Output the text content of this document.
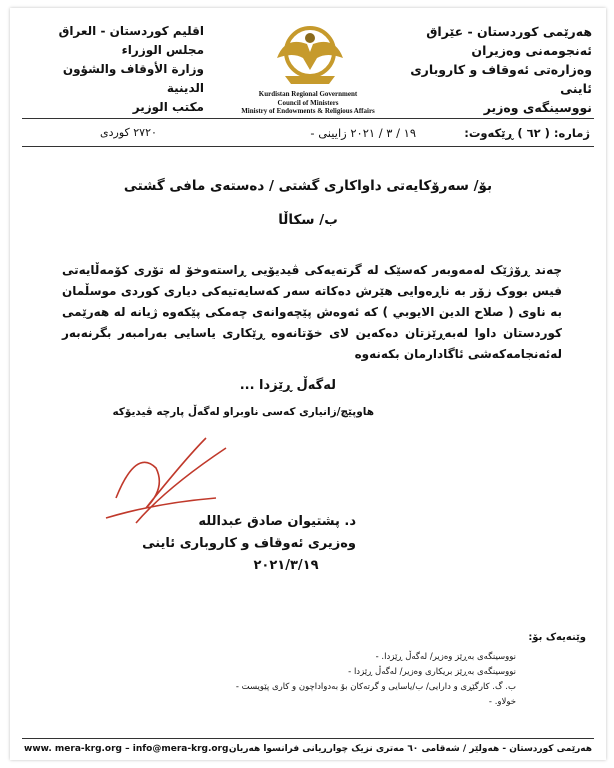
هەرێمی کوردستان - عێراق
ئەنجومەنی وەزیران
وەزارەتی ئەوقاف و کاروباری ئاینی
نووسینگەی وەزیر
اقليم كوردستان - العراق
مجلس الوزراء
وزارة الأوقاف والشؤون الدينية
مكتب الوزير
Kurdistan Regional Government
Council of Ministers
Ministry of Endowments & Religious Affairs
ژمارە: ( ٦٢ ) ڕێکەوت:
١٩ / ٣ / ٢٠٢١ زایینی -
٢٧٢٠ کوردی
بۆ/ سەرۆکایەتی داواکاری گشتی / دەستەی مافی گشتی
ب/ سکاڵا
چەند ڕۆژێک لەمەوبەر کەسێک لە گرتەیەکی ڤیدیۆیی ڕاستەوخۆ لە تۆری کۆمەڵایەتی فیس بووک زۆر بە ناڕەوایی هێرش دەکاتە سەر کەسایەتیەکی دیاری کوردی موسڵمان بە ناوی ( صلاح الدين الايوبي ) کە ئەوەش پێچەوانەی چەمکی پێکەوە ژیانە لە هەرێمی کوردستان داوا لەبەڕێزتان دەکەین لای خۆتانەوە ڕێکاری یاسایی بەرامبەر بگرنەبەر لەئەنجامەکەشی ئاگادارمان بکەنەوە
لەگەڵ ڕێزدا ...
هاوپێچ/زانیاری کەسی ناوبراو لەگەڵ پارچە ڤیدیۆکە
د. پشتیوان صادق عبدالله
وەزیری ئەوقاف و کاروباری ئاینی
٢٠٢١/٣/١٩
وێنەیەک بۆ:
نووسینگەی بەڕێز وەزیر/ لەگەڵ ڕێزدا. -
نووسینگەی بەڕێز بریکاری وەزیر/ لەگەڵ ڕێزدا -
ب. گ. کارگێڕی و دارایی/ ب/یاسایی و گرتەکان بۆ بەدواداچون و کاری پێویست -
خولاو. -
www. mera-krg.org – info@mera-krg.org هەرێمی کوردستان - هەولێر / شەقامی ٦٠ مەتری نزیک چوارڕیانی فرانسوا هەریان
